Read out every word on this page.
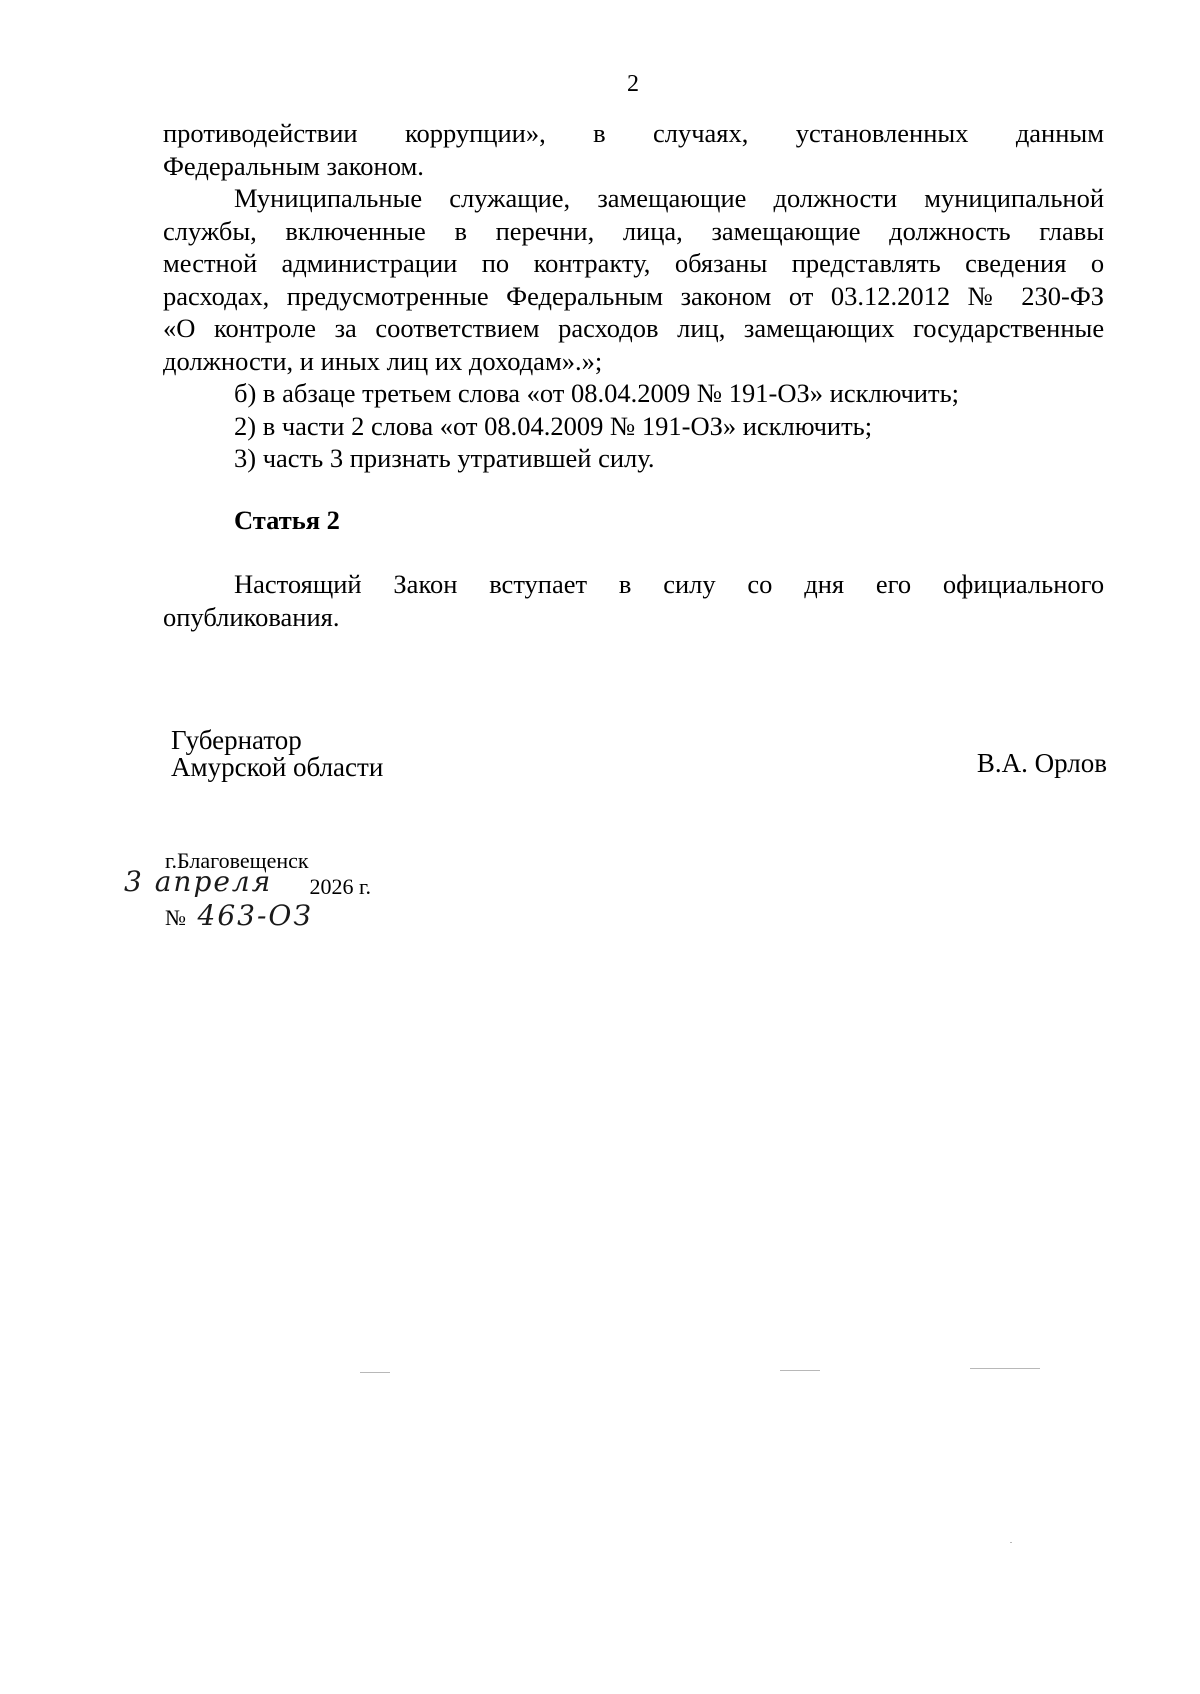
2
противодействии коррупции», в случаях, установленных данным
Федеральным законом.
Муниципальные служащие, замещающие должности муниципальной
службы, включенные в перечни, лица, замещающие должность главы
местной администрации по контракту, обязаны представлять сведения о
расходах, предусмотренные Федеральным законом от 03.12.2012 № 230-ФЗ
«О контроле за соответствием расходов лиц, замещающих государственные
должности, и иных лиц их доходам».»;
б) в абзаце третьем слова «от 08.04.2009 № 191-ОЗ» исключить;
2) в части 2 слова «от 08.04.2009 № 191-ОЗ» исключить;
3) часть 3 признать утратившей силу.
Статья 2
Настоящий Закон вступает в силу со дня его официального
опубликования.
Губернатор
Амурской области	В.А. Орлов
г.Благовещенск
3 апреля 2026 г.
№ 463-ОЗ
